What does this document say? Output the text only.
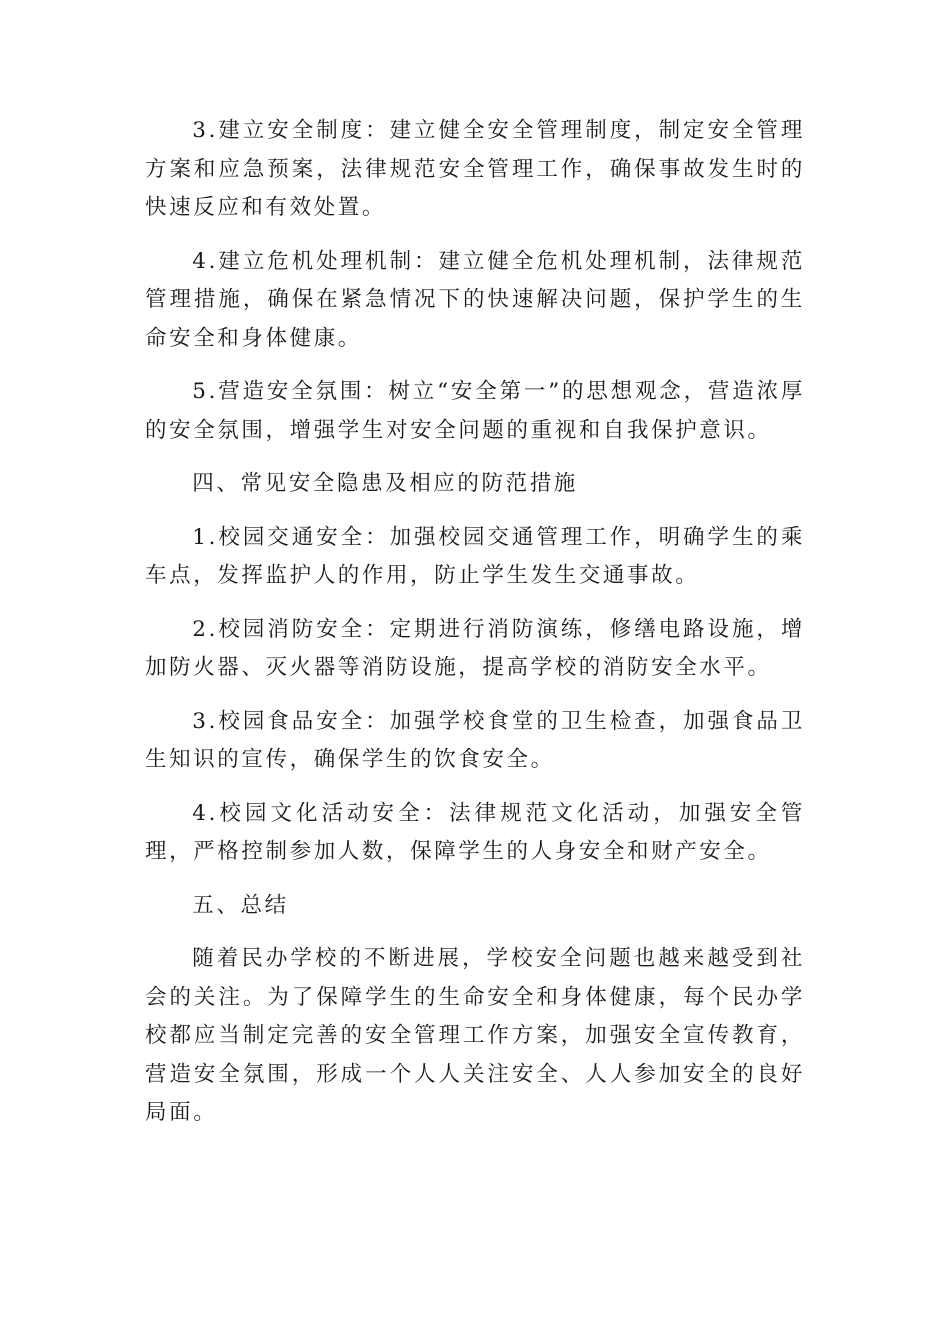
3.建立安全制度：建立健全安全管理制度，制定安全管理方案和应急预案，法律规范安全管理工作，确保事故发生时的快速反应和有效处置。

4.建立危机处理机制：建立健全危机处理机制，法律规范管理措施，确保在紧急情况下的快速解决问题，保护学生的生命安全和身体健康。

5.营造安全氛围：树立“安全第一”的思想观念，营造浓厚的安全氛围，增强学生对安全问题的重视和自我保护意识。

四、常见安全隐患及相应的防范措施

1.校园交通安全：加强校园交通管理工作，明确学生的乘车点，发挥监护人的作用，防止学生发生交通事故。

2.校园消防安全：定期进行消防演练，修缮电路设施，增加防火器、灭火器等消防设施，提高学校的消防安全水平。

3.校园食品安全：加强学校食堂的卫生检查，加强食品卫生知识的宣传，确保学生的饮食安全。

4.校园文化活动安全：法律规范文化活动，加强安全管理，严格控制参加人数，保障学生的人身安全和财产安全。

五、总结

随着民办学校的不断进展，学校安全问题也越来越受到社会的关注。为了保障学生的生命安全和身体健康，每个民办学校都应当制定完善的安全管理工作方案，加强安全宣传教育，营造安全氛围，形成一个人人关注安全、人人参加安全的良好局面。
